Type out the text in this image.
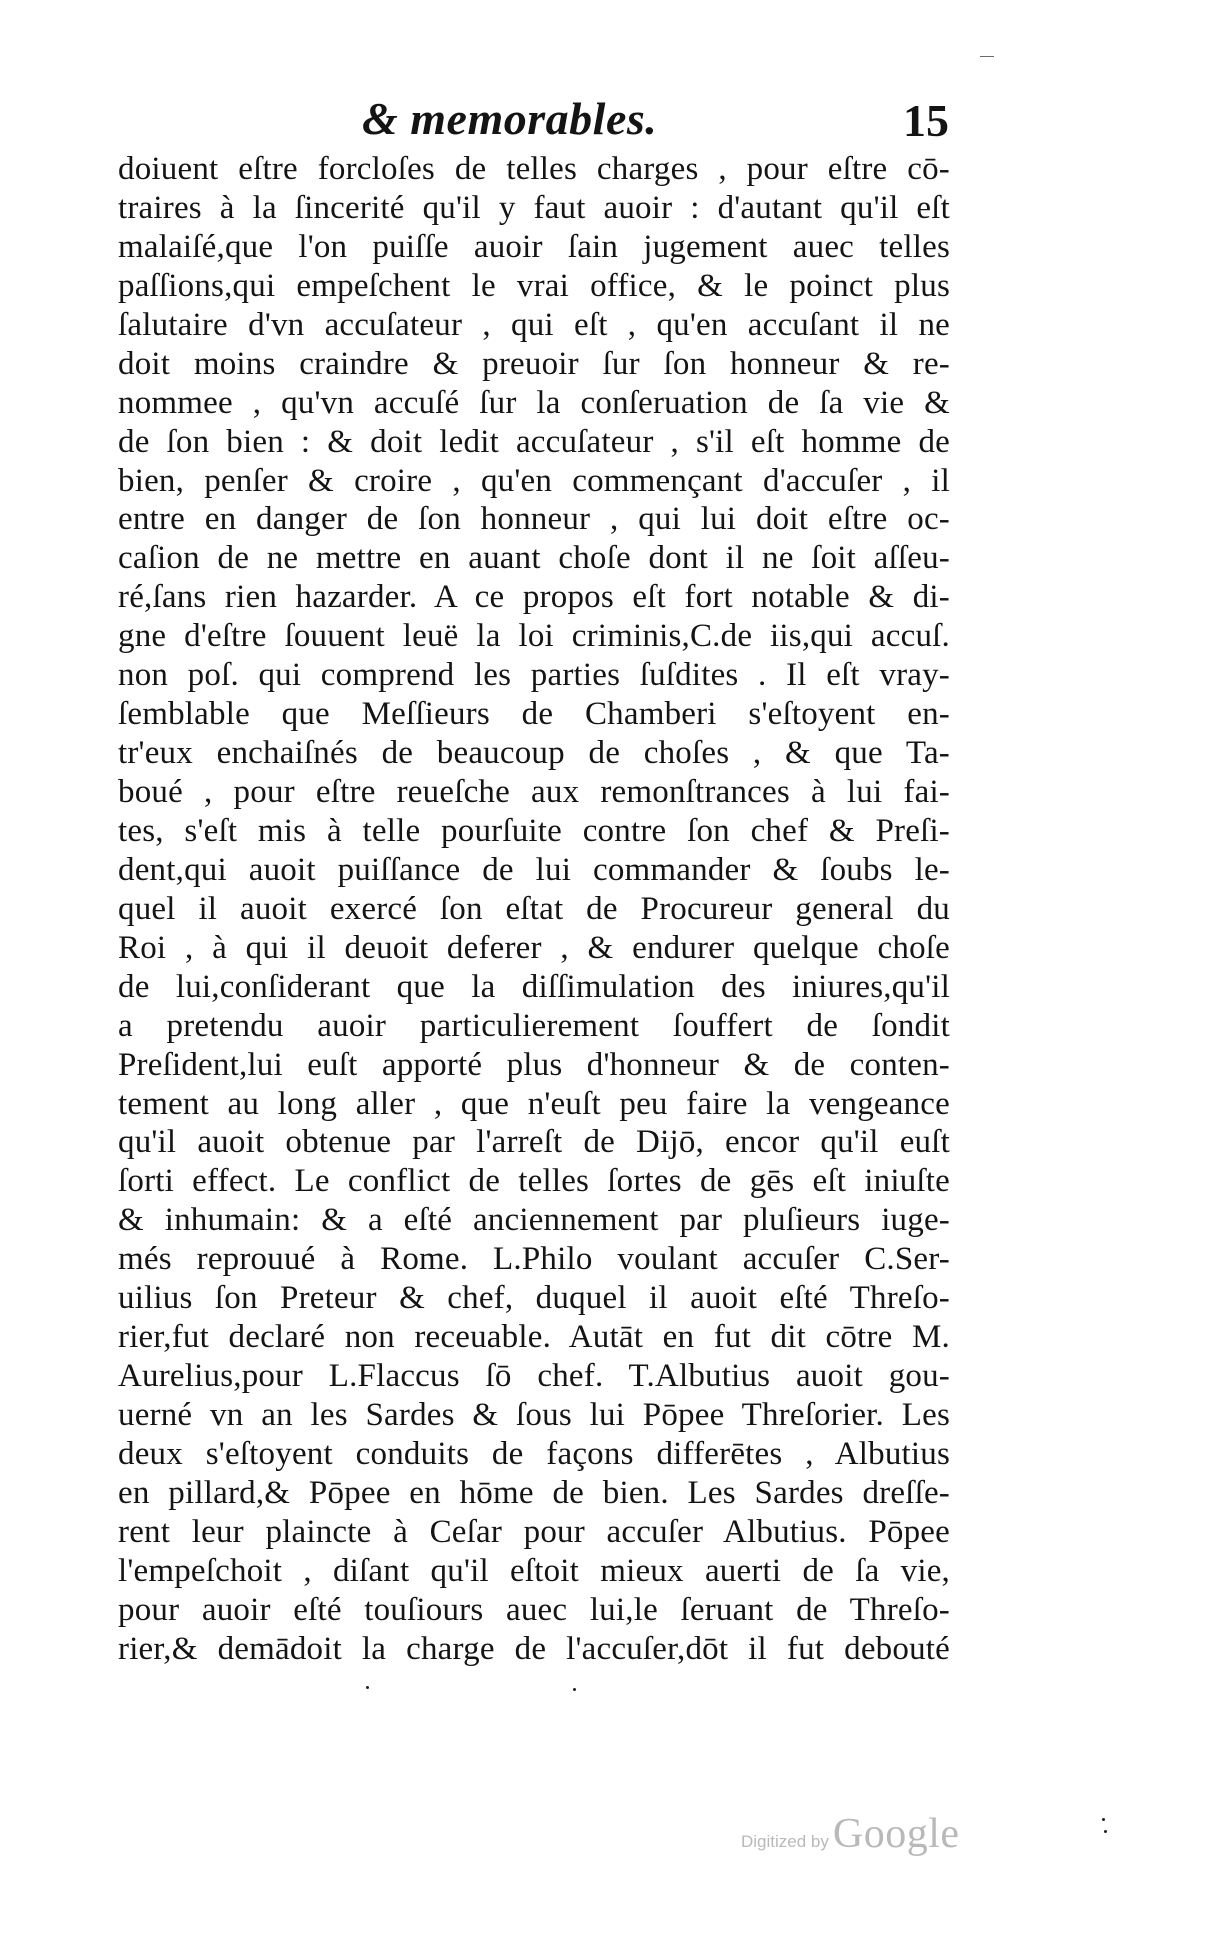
& memorables.	15
doiuent eſtre forcloſes de telles charges , pour eſtre cō-
traires à la ſincerité qu'il y faut auoir : d'autant qu'il eſt
malaiſé,que l'on puiſſe auoir ſain jugement auec telles
paſſions,qui empeſchent le vrai office, & le poinct plus
ſalutaire d'vn accuſateur , qui eſt , qu'en accuſant il ne
doit moins craindre & preuoir ſur ſon honneur & re-
nommee , qu'vn accuſé ſur la conſeruation de ſa vie &
de ſon bien : & doit ledit accuſateur , s'il eſt homme de
bien, penſer & croire , qu'en commençant d'accuſer , il
entre en danger de ſon honneur , qui lui doit eſtre oc-
caſion de ne mettre en auant choſe dont il ne ſoit aſſeu-
ré,ſans rien hazarder. A ce propos eſt fort notable & di-
gne d'eſtre ſouuent leuë la loi criminis,C.de iis,qui accuſ.
non poſ. qui comprend les parties ſuſdites . Il eſt vray-
ſemblable que Meſſieurs de Chamberi s'eſtoyent en-
tr'eux enchaiſnés de beaucoup de choſes , & que Ta-
boué , pour eſtre reueſche aux remonſtrances à lui fai-
tes, s'eſt mis à telle pourſuite contre ſon chef & Preſi-
dent,qui auoit puiſſance de lui commander & ſoubs le-
quel il auoit exercé ſon eſtat de Procureur general du
Roi , à qui il deuoit deferer , & endurer quelque choſe
de lui,conſiderant que la diſſimulation des iniures,qu'il
a pretendu auoir particulierement ſouffert de ſondit
Preſident,lui euſt apporté plus d'honneur & de conten-
tement au long aller , que n'euſt peu faire la vengeance
qu'il auoit obtenue par l'arreſt de Dijō, encor qu'il euſt
ſorti effect. Le conflict de telles ſortes de gēs eſt iniuſte
& inhumain: & a eſté anciennement par pluſieurs iuge-
més reprouué à Rome. L.Philo voulant accuſer C.Ser-
uilius ſon Preteur & chef, duquel il auoit eſté Threſo-
rier,fut declaré non receuable. Autāt en fut dit cōtre M.
Aurelius,pour L.Flaccus ſō chef. T.Albutius auoit gou-
uerné vn an les Sardes & ſous lui Pōpee Threſorier. Les
deux s'eſtoyent conduits de façons differētes , Albutius
en pillard,& Pōpee en hōme de bien. Les Sardes dreſſe-
rent leur plaincte à Ceſar pour accuſer Albutius. Pōpee
l'empeſchoit , diſant qu'il eſtoit mieux auerti de ſa vie,
pour auoir eſté touſiours auec lui,le ſeruant de Threſo-
rier,& demādoit la charge de l'accuſer,dōt il fut debouté
Digitized by Google
